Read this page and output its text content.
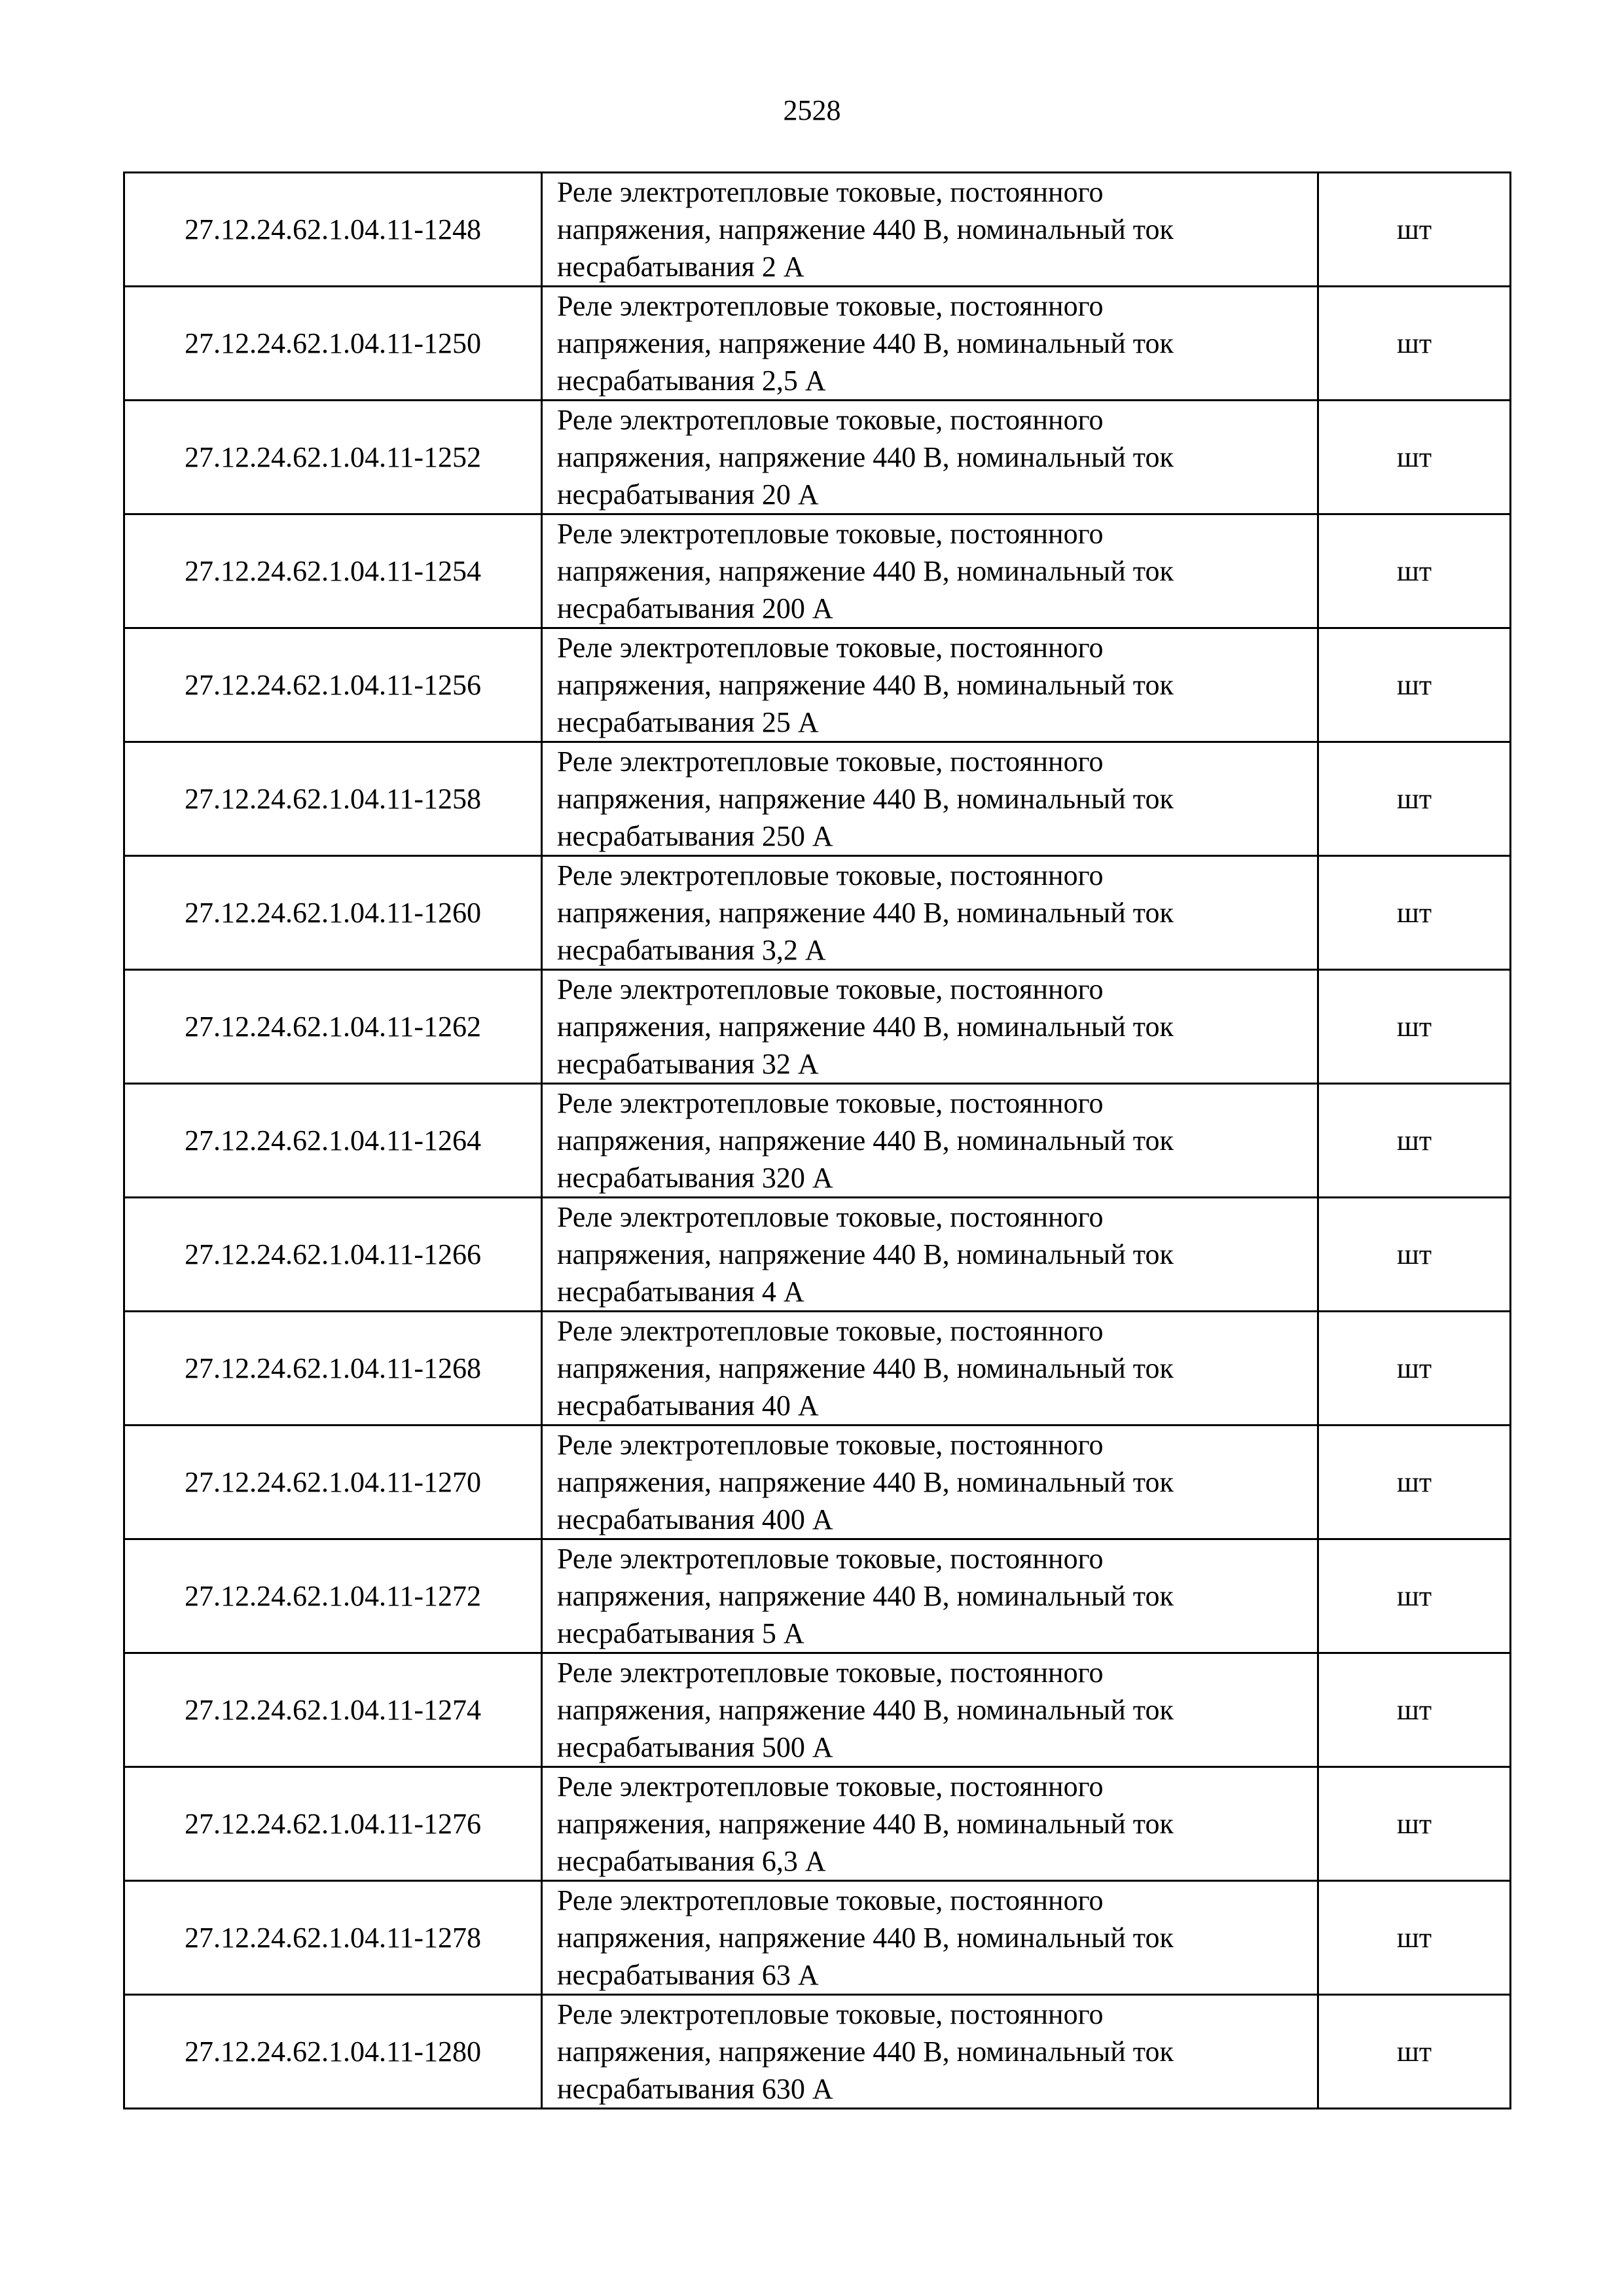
2528
27.12.24.62.1.04.11-1248	Реле электротепловые токовые, постоянного
напряжения, напряжение 440 В, номинальный ток
несрабатывания 2 А	шт
27.12.24.62.1.04.11-1250	Реле электротепловые токовые, постоянного
напряжения, напряжение 440 В, номинальный ток
несрабатывания 2,5 А	шт
27.12.24.62.1.04.11-1252	Реле электротепловые токовые, постоянного
напряжения, напряжение 440 В, номинальный ток
несрабатывания 20 А	шт
27.12.24.62.1.04.11-1254	Реле электротепловые токовые, постоянного
напряжения, напряжение 440 В, номинальный ток
несрабатывания 200 А	шт
27.12.24.62.1.04.11-1256	Реле электротепловые токовые, постоянного
напряжения, напряжение 440 В, номинальный ток
несрабатывания 25 А	шт
27.12.24.62.1.04.11-1258	Реле электротепловые токовые, постоянного
напряжения, напряжение 440 В, номинальный ток
несрабатывания 250 А	шт
27.12.24.62.1.04.11-1260	Реле электротепловые токовые, постоянного
напряжения, напряжение 440 В, номинальный ток
несрабатывания 3,2 А	шт
27.12.24.62.1.04.11-1262	Реле электротепловые токовые, постоянного
напряжения, напряжение 440 В, номинальный ток
несрабатывания 32 А	шт
27.12.24.62.1.04.11-1264	Реле электротепловые токовые, постоянного
напряжения, напряжение 440 В, номинальный ток
несрабатывания 320 А	шт
27.12.24.62.1.04.11-1266	Реле электротепловые токовые, постоянного
напряжения, напряжение 440 В, номинальный ток
несрабатывания 4 А	шт
27.12.24.62.1.04.11-1268	Реле электротепловые токовые, постоянного
напряжения, напряжение 440 В, номинальный ток
несрабатывания 40 А	шт
27.12.24.62.1.04.11-1270	Реле электротепловые токовые, постоянного
напряжения, напряжение 440 В, номинальный ток
несрабатывания 400 А	шт
27.12.24.62.1.04.11-1272	Реле электротепловые токовые, постоянного
напряжения, напряжение 440 В, номинальный ток
несрабатывания 5 А	шт
27.12.24.62.1.04.11-1274	Реле электротепловые токовые, постоянного
напряжения, напряжение 440 В, номинальный ток
несрабатывания 500 А	шт
27.12.24.62.1.04.11-1276	Реле электротепловые токовые, постоянного
напряжения, напряжение 440 В, номинальный ток
несрабатывания 6,3 А	шт
27.12.24.62.1.04.11-1278	Реле электротепловые токовые, постоянного
напряжения, напряжение 440 В, номинальный ток
несрабатывания 63 А	шт
27.12.24.62.1.04.11-1280	Реле электротепловые токовые, постоянного
напряжения, напряжение 440 В, номинальный ток
несрабатывания 630 А	шт
